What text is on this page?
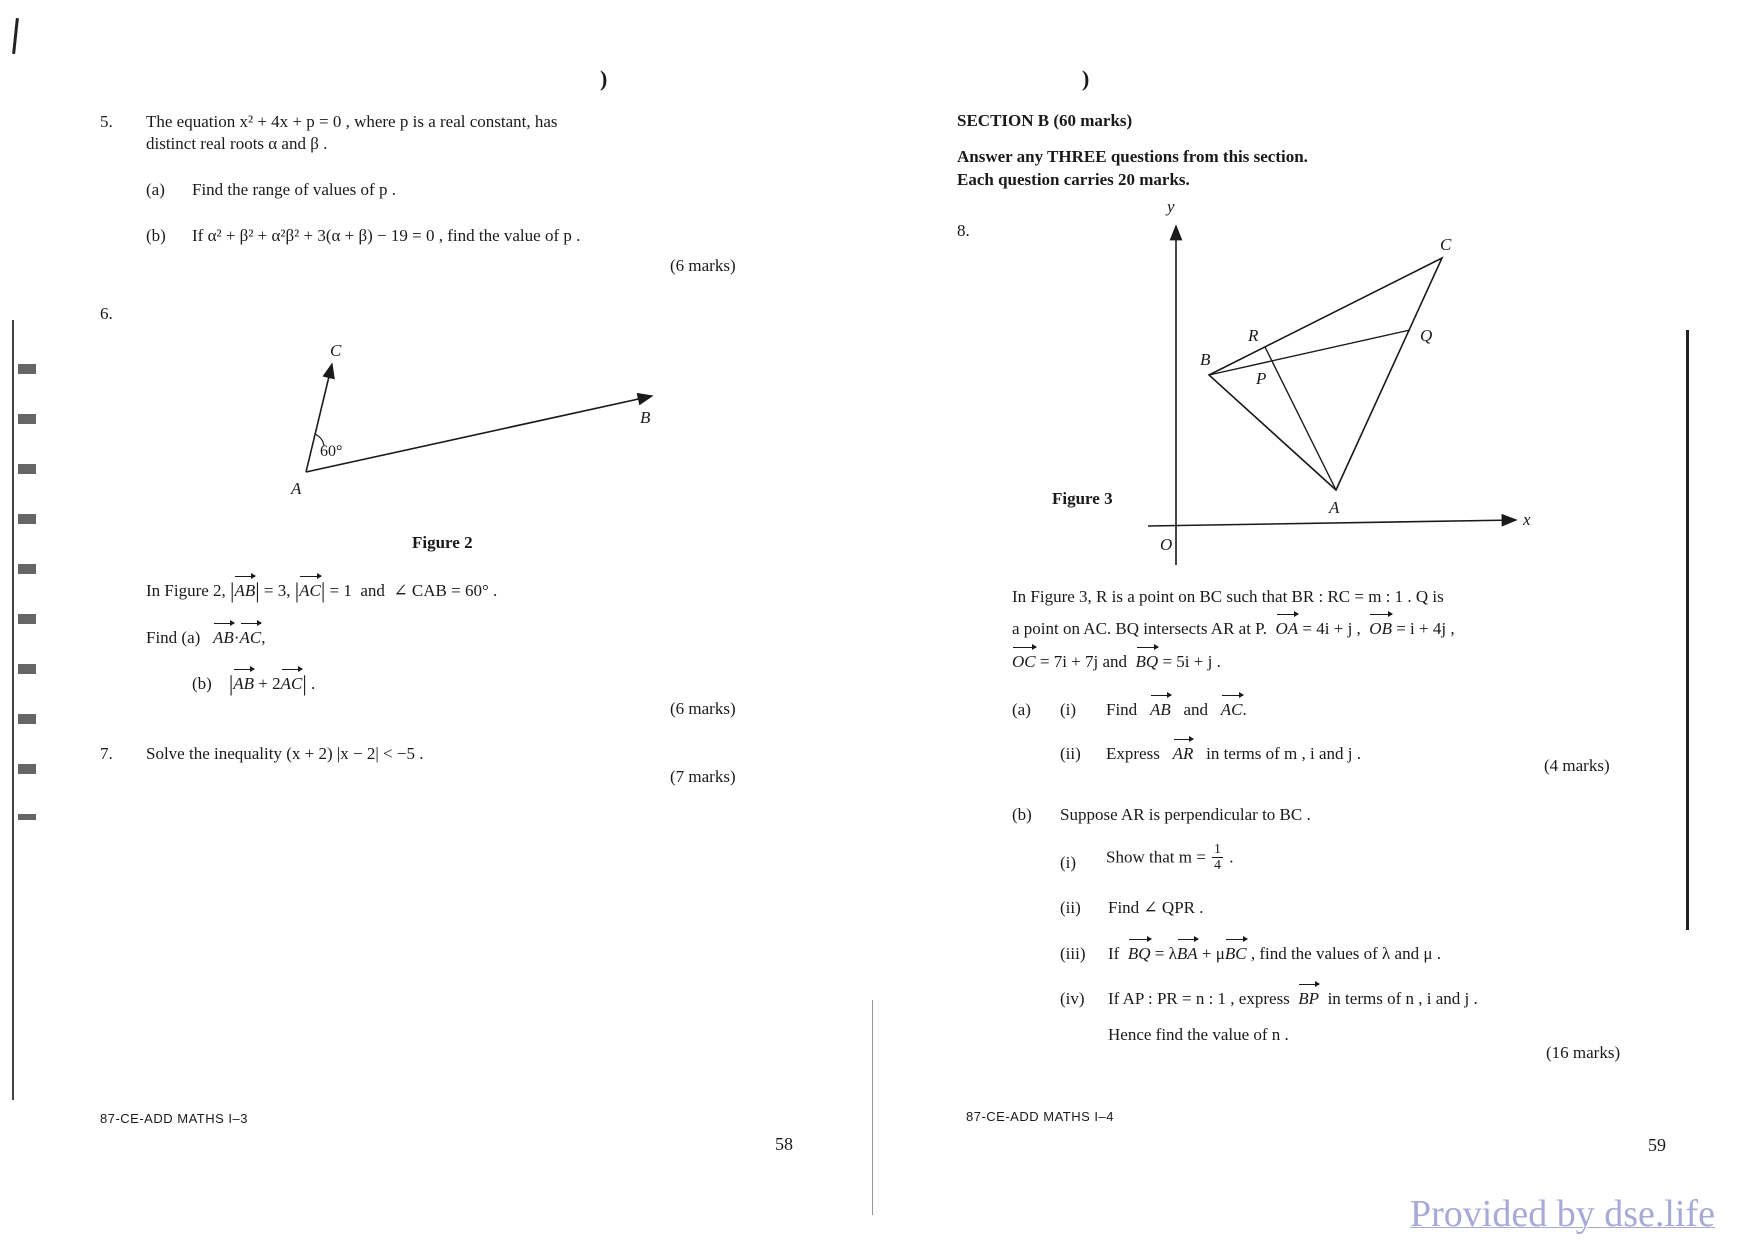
)	)
5. The equation x² + 4x + p = 0 , where p is a real constant, has
distinct real roots α and β .
(a) Find the range of values of p .
(b) If α² + β² + α²β² + 3(α + β) − 19 = 0 , find the value of p .
(6 marks)
6.
C
B
A
60°
Figure 2
In Figure 2, |AB| = 3, |AC| = 1 and ∠ CAB = 60° .
Find (a) AB·AC,
(b) |AB + 2AC| .
(6 marks)
7. Solve the inequality (x + 2) |x − 2| < −5 .
(7 marks)
87-CE-ADD MATHS I–3
58
SECTION B (60 marks)
Answer any THREE questions from this section.
Each question carries 20 marks.
8.
y
x
O
C
R	Q
B
P
A
Figure 3
In Figure 3, R is a point on BC such that BR : RC = m : 1 . Q is
a point on AC. BQ intersects AR at P. OA = 4i + j , OB = i + 4j ,
OC = 7i + 7j and BQ = 5i + j .
(a) (i) Find AB and AC.
(ii) Express AR in terms of m , i and j .
(4 marks)
(b) Suppose AR is perpendicular to BC .
(i) Show that $m = \frac{1}{4}$ .
(ii) Find ∠ QPR .
(iii) If BQ = λBA + μBC , find the values of λ and μ .
(iv) If AP : PR = n : 1 , express BP in terms of n , i and j .
Hence find the value of n .
(16 marks)
87-CE-ADD MATHS I–4
59
Provided by dse.life
